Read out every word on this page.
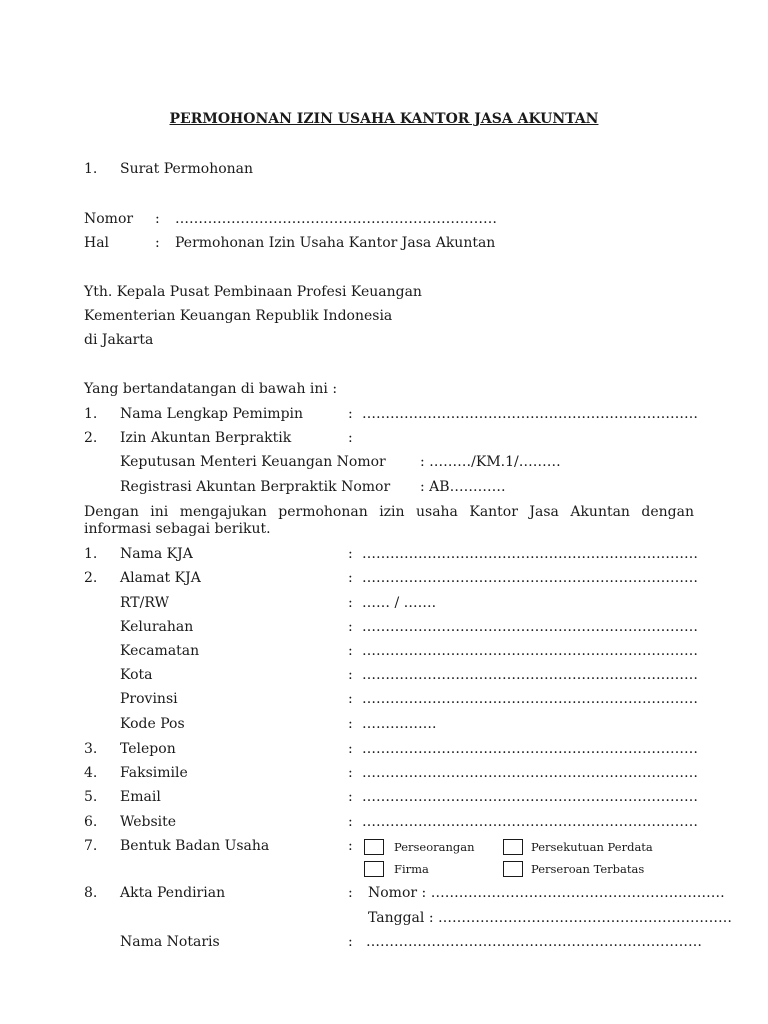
PERMOHONAN IZIN USAHA KANTOR JASA AKUNTAN
1. Surat Permohonan
Nomor : ……………………………………………………………
Hal	: Permohonan Izin Usaha Kantor Jasa Akuntan
Yth. Kepala Pusat Pembinaan Profesi Keuangan
Kementerian Keuangan Republik Indonesia
di Jakarta
Yang bertandatangan di bawah ini :
1. Nama Lengkap Pemimpin	: ………………………………………………………………
2. Izin Akuntan Berpraktik	:
Keputusan Menteri Keuangan Nomor : ………/KM.1/………
Registrasi Akuntan Berpraktik Nomor : AB…………
Dengan ini mengajukan permohonan izin usaha Kantor Jasa Akuntan dengan
informasi sebagai berikut.
1. Nama KJA	: ………………………………………………………………
2. Alamat KJA	: ………………………………………………………………
RT/RW	: …… / …….
Kelurahan	: ………………………………………………………………
Kecamatan	: ………………………………………………………………
Kota	: ………………………………………………………………
Provinsi	: ………………………………………………………………
Kode Pos	: …………….
3. Telepon	: ………………………………………………………………
4. Faksimile	: ………………………………………………………………
5. Email	: ………………………………………………………………
6. Website	: ………………………………………………………………
7. Bentuk Badan Usaha	:	Perseorangan	Persekutuan Perdata
Firma	Perseroan Terbatas
8. Akta Pendirian	: Nomor : ………………………………………………………
Tanggal : ………………………………………………………
Nama Notaris	: ………………………………………………………………
